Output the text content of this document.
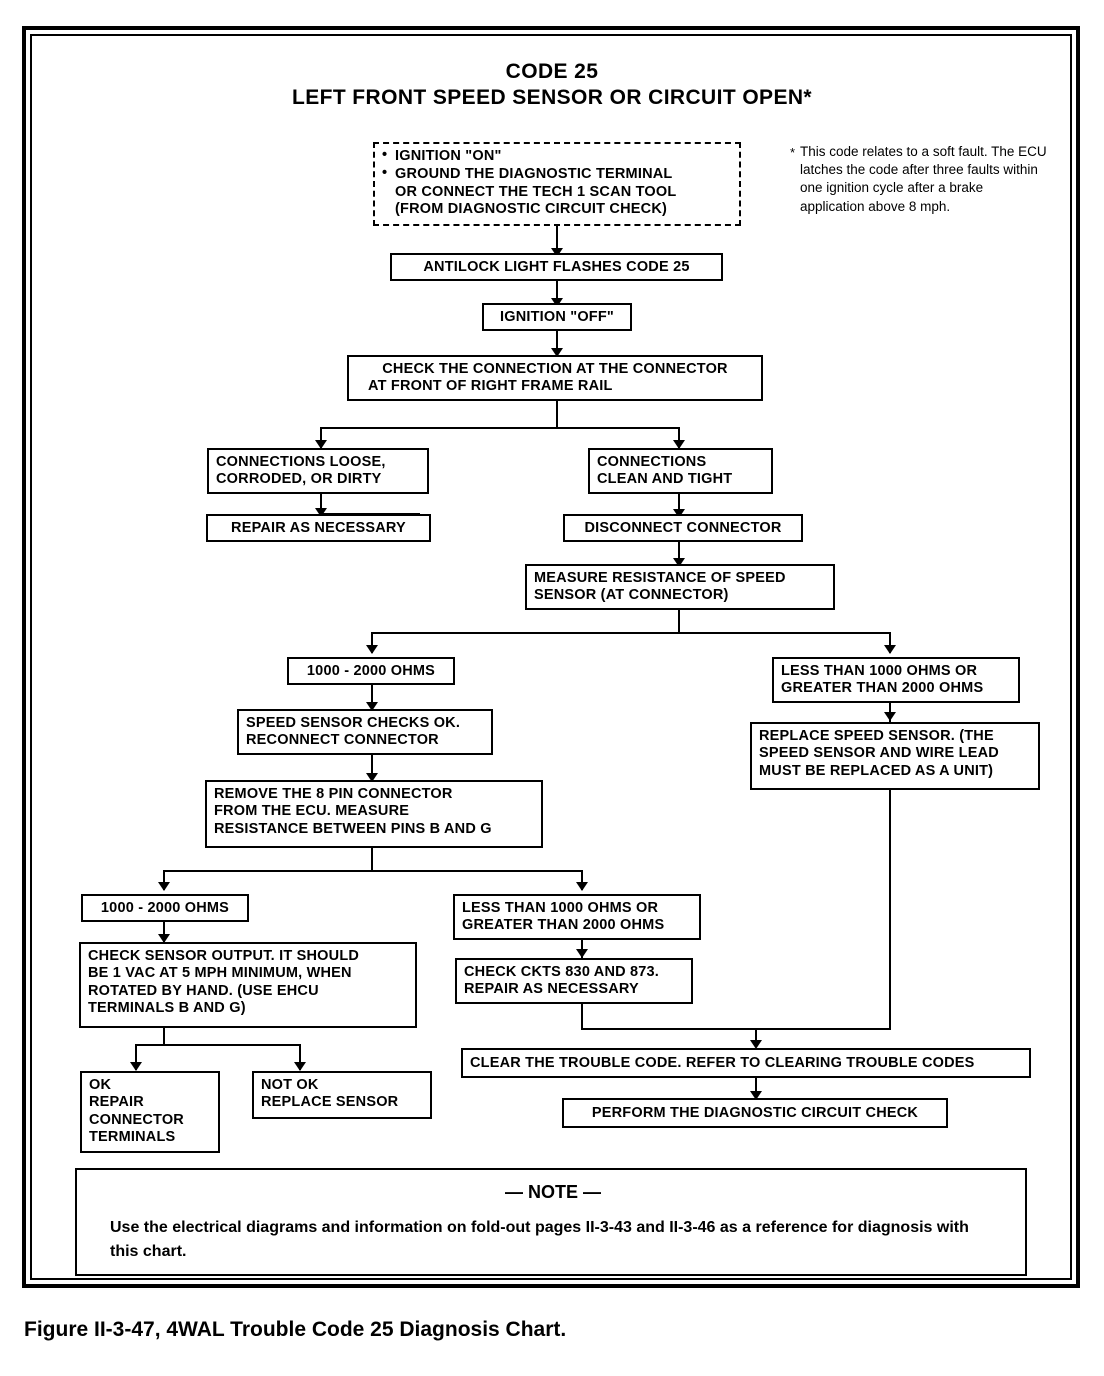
CODE 25
LEFT FRONT SPEED SENSOR OR CIRCUIT OPEN*
* This code relates to a soft fault. The ECU latches the code after three faults within one ignition cycle after a brake application above 8 mph.
• IGNITION "ON"
• GROUND THE DIAGNOSTIC TERMINAL
OR CONNECT THE TECH 1 SCAN TOOL
(FROM DIAGNOSTIC CIRCUIT CHECK)
ANTILOCK LIGHT FLASHES CODE 25
IGNITION "OFF"
CHECK THE CONNECTION AT THE CONNECTOR
AT FRONT OF RIGHT FRAME RAIL
CONNECTIONS LOOSE,
CORRODED, OR DIRTY
CONNECTIONS
CLEAN AND TIGHT
REPAIR AS NECESSARY	DISCONNECT CONNECTOR
MEASURE RESISTANCE OF SPEED
SENSOR (AT CONNECTOR)
1000 - 2000 OHMS	LESS THAN 1000 OHMS OR
GREATER THAN 2000 OHMS
SPEED SENSOR CHECKS OK.
RECONNECT CONNECTOR	REPLACE SPEED SENSOR. (THE
SPEED SENSOR AND WIRE LEAD
MUST BE REPLACED AS A UNIT)
REMOVE THE 8 PIN CONNECTOR
FROM THE ECU. MEASURE
RESISTANCE BETWEEN PINS B AND G
1000 - 2000 OHMS	LESS THAN 1000 OHMS OR
GREATER THAN 2000 OHMS
CHECK SENSOR OUTPUT. IT SHOULD
BE 1 VAC AT 5 MPH MINIMUM, WHEN
ROTATED BY HAND. (USE EHCU
TERMINALS B AND G)
CHECK CKTS 830 AND 873.
REPAIR AS NECESSARY
OK
REPAIR
CONNECTOR
TERMINALS
NOT OK
REPLACE SENSOR
CLEAR THE TROUBLE CODE. REFER TO CLEARING TROUBLE CODES
PERFORM THE DIAGNOSTIC CIRCUIT CHECK
— NOTE —
Use the electrical diagrams and information on fold-out pages II-3-43 and II-3-46 as a reference for diagnosis with this chart.
Figure II-3-47, 4WAL Trouble Code 25 Diagnosis Chart.
